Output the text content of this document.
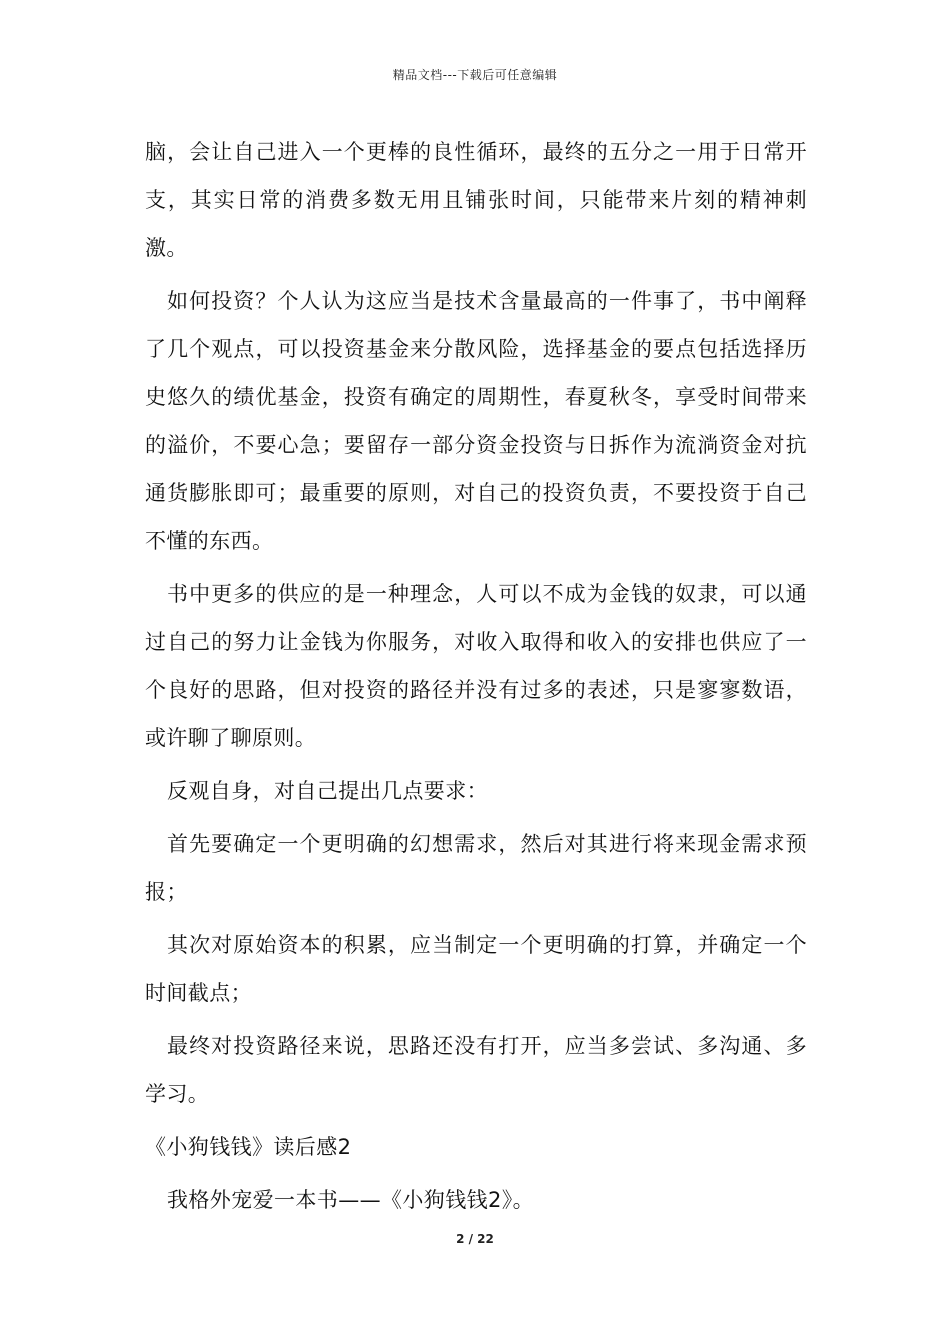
精品文档---下载后可任意编辑

脑，会让自己进入一个更棒的良性循环，最终的五分之一用于日常开支，其实日常的消费多数无用且铺张时间，只能带来片刻的精神刺激。

如何投资？个人认为这应当是技术含量最高的一件事了，书中阐释了几个观点，可以投资基金来分散风险，选择基金的要点包括选择历史悠久的绩优基金，投资有确定的周期性，春夏秋冬，享受时间带来的溢价，不要心急；要留存一部分资金投资与日拆作为流淌资金对抗通货膨胀即可；最重要的原则，对自己的投资负责，不要投资于自己不懂的东西。

书中更多的供应的是一种理念，人可以不成为金钱的奴隶，可以通过自己的努力让金钱为你服务，对收入取得和收入的安排也供应了一个良好的思路，但对投资的路径并没有过多的表述，只是寥寥数语，或许聊了聊原则。

反观自身，对自己提出几点要求：

首先要确定一个更明确的幻想需求，然后对其进行将来现金需求预报；

其次对原始资本的积累，应当制定一个更明确的打算，并确定一个时间截点；

最终对投资路径来说，思路还没有打开，应当多尝试、多沟通、多学习。

《小狗钱钱》读后感2

我格外宠爱一本书——《小狗钱钱2》。

2 / 22
